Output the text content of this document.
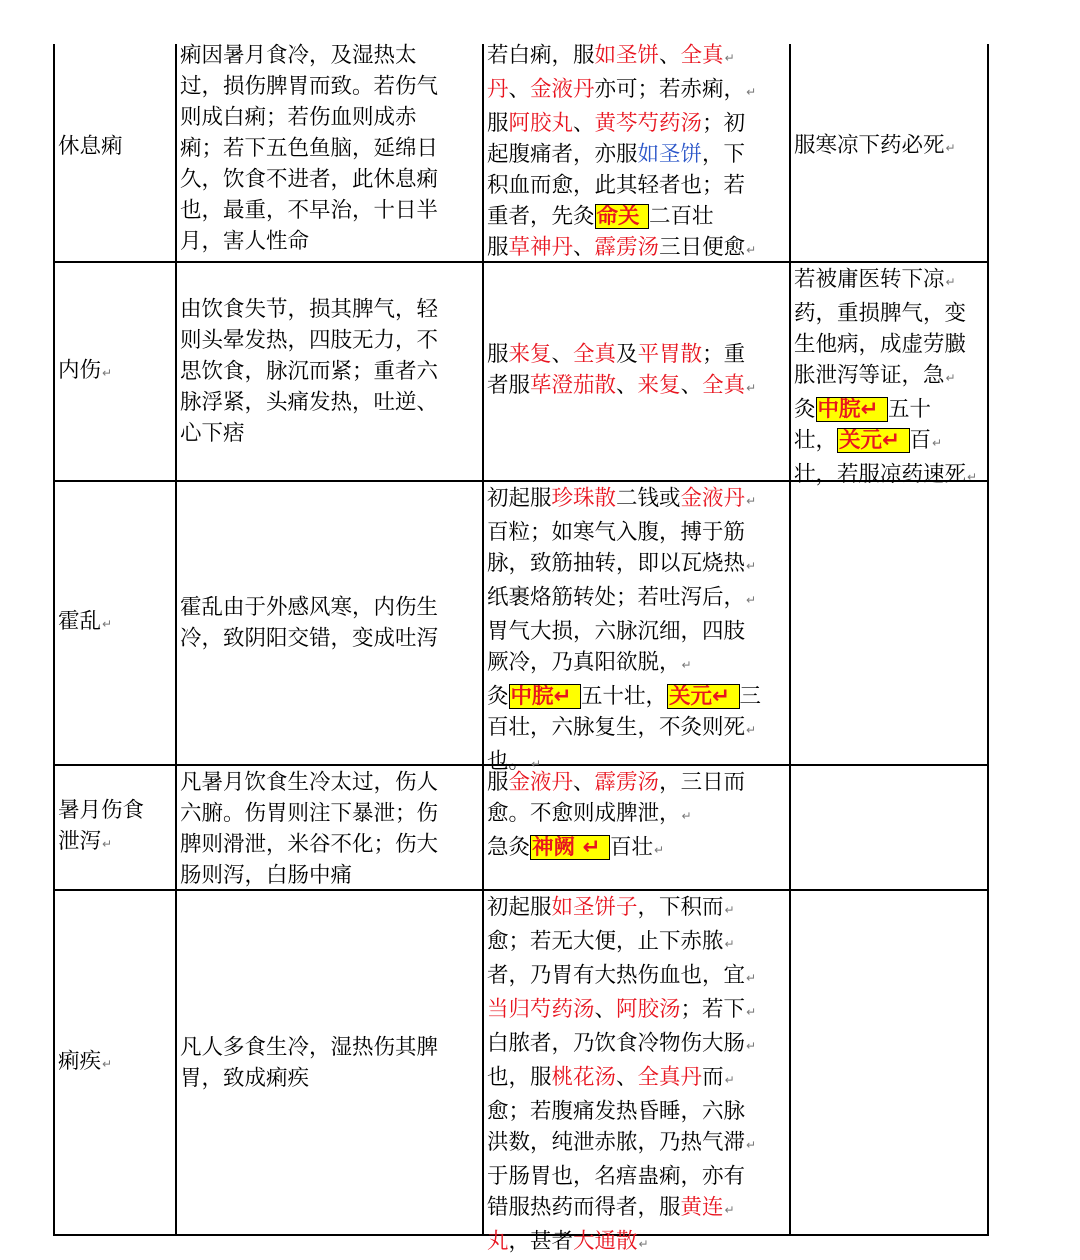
休息痢

痢因暑月食冷，及湿热太

过，损伤脾胃而致。若伤气

则成白痢；若伤血则成赤

痢；若下五色鱼脑，延绵日

久，饮食不进者，此休息痢

也，最重，不早治，十日半

月，害人性命

若白痢，服如圣饼、全真↵

丹、金液丹亦可；若赤痢，↵

服阿胶丸、黄芩芍药汤；初

起腹痛者，亦服如圣饼，下

积血而愈，此其轻者也；若

重者，先灸命关 二百壮

服草神丹、霹雳汤三日便愈↵

服寒凉下药必死↵

内伤↵

由饮食失节，损其脾气，轻

则头晕发热，四肢无力，不

思饮食，脉沉而紧；重者六

脉浮紧，头痛发热，吐逆、

心下痞

服来复、全真及平胃散；重

者服荜澄茄散、来复、全真↵

若被庸医转下凉↵

药，重损脾气，变

生他病，成虚劳臌

胀泄泻等证，急↵

灸中脘↵ 五十

壮，关元↵ 百↵

壮，若服凉药速死↵

霍乱↵

霍乱由于外感风寒，内伤生

冷，致阴阳交错，变成吐泻

初起服珍珠散二钱或金液丹↵

百粒；如寒气入腹，搏于筋

脉，致筋抽转，即以瓦烧热↵

纸裹烙筋转处；若吐泻后，↵

胃气大损，六脉沉细，四肢

厥冷，乃真阳欲脱，↵

灸中脘↵ 五十壮，关元↵ 三

百壮，六脉复生，不灸则死↵

也。↵

暑月伤食

泄泻↵

凡暑月饮食生冷太过，伤人

六腑。伤胃则注下暴泄；伤

脾则滑泄，米谷不化；伤大

肠则泻，白肠中痛

服金液丹、霹雳汤，三日而

愈。不愈则成脾泄，↵

急灸神阙 ↵ 百壮↵

痢疾↵

凡人多食生冷，湿热伤其脾

胃，致成痢疾

初起服如圣饼子，下积而↵

愈；若无大便，止下赤脓↵

者，乃胃有大热伤血也，宜↵

当归芍药汤、阿胶汤；若下↵

白脓者，乃饮食冷物伤大肠↵

也，服桃花汤、全真丹而↵

愈；若腹痛发热昏睡，六脉

洪数，纯泄赤脓，乃热气滞↵

于肠胃也，名痦蛊痢，亦有

错服热药而得者，服黄连↵

丸，甚者大通散↵
